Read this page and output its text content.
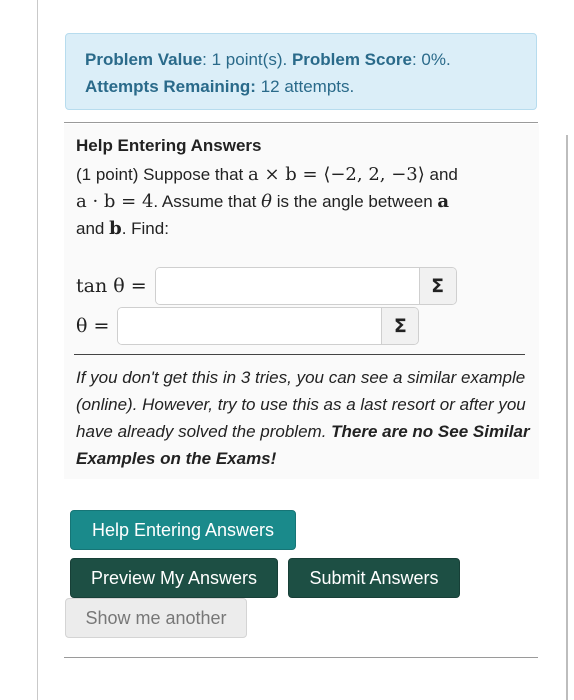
Problem Value: 1 point(s). Problem Score: 0%.
Attempts Remaining: 12 attempts.
Help Entering Answers
(1 point) Suppose that a × b = ⟨−2, 2, −3⟩ and
a · b = 4. Assume that θ is the angle between a
and b. Find:
tan θ =	Σ
θ =	Σ
If you don't get this in 3 tries, you can see a similar example (online). However, try to use this as a last resort or after you have already solved the problem. There are no See Similar Examples on the Exams!
Help Entering Answers
Preview My Answers	Submit Answers
Show me another
